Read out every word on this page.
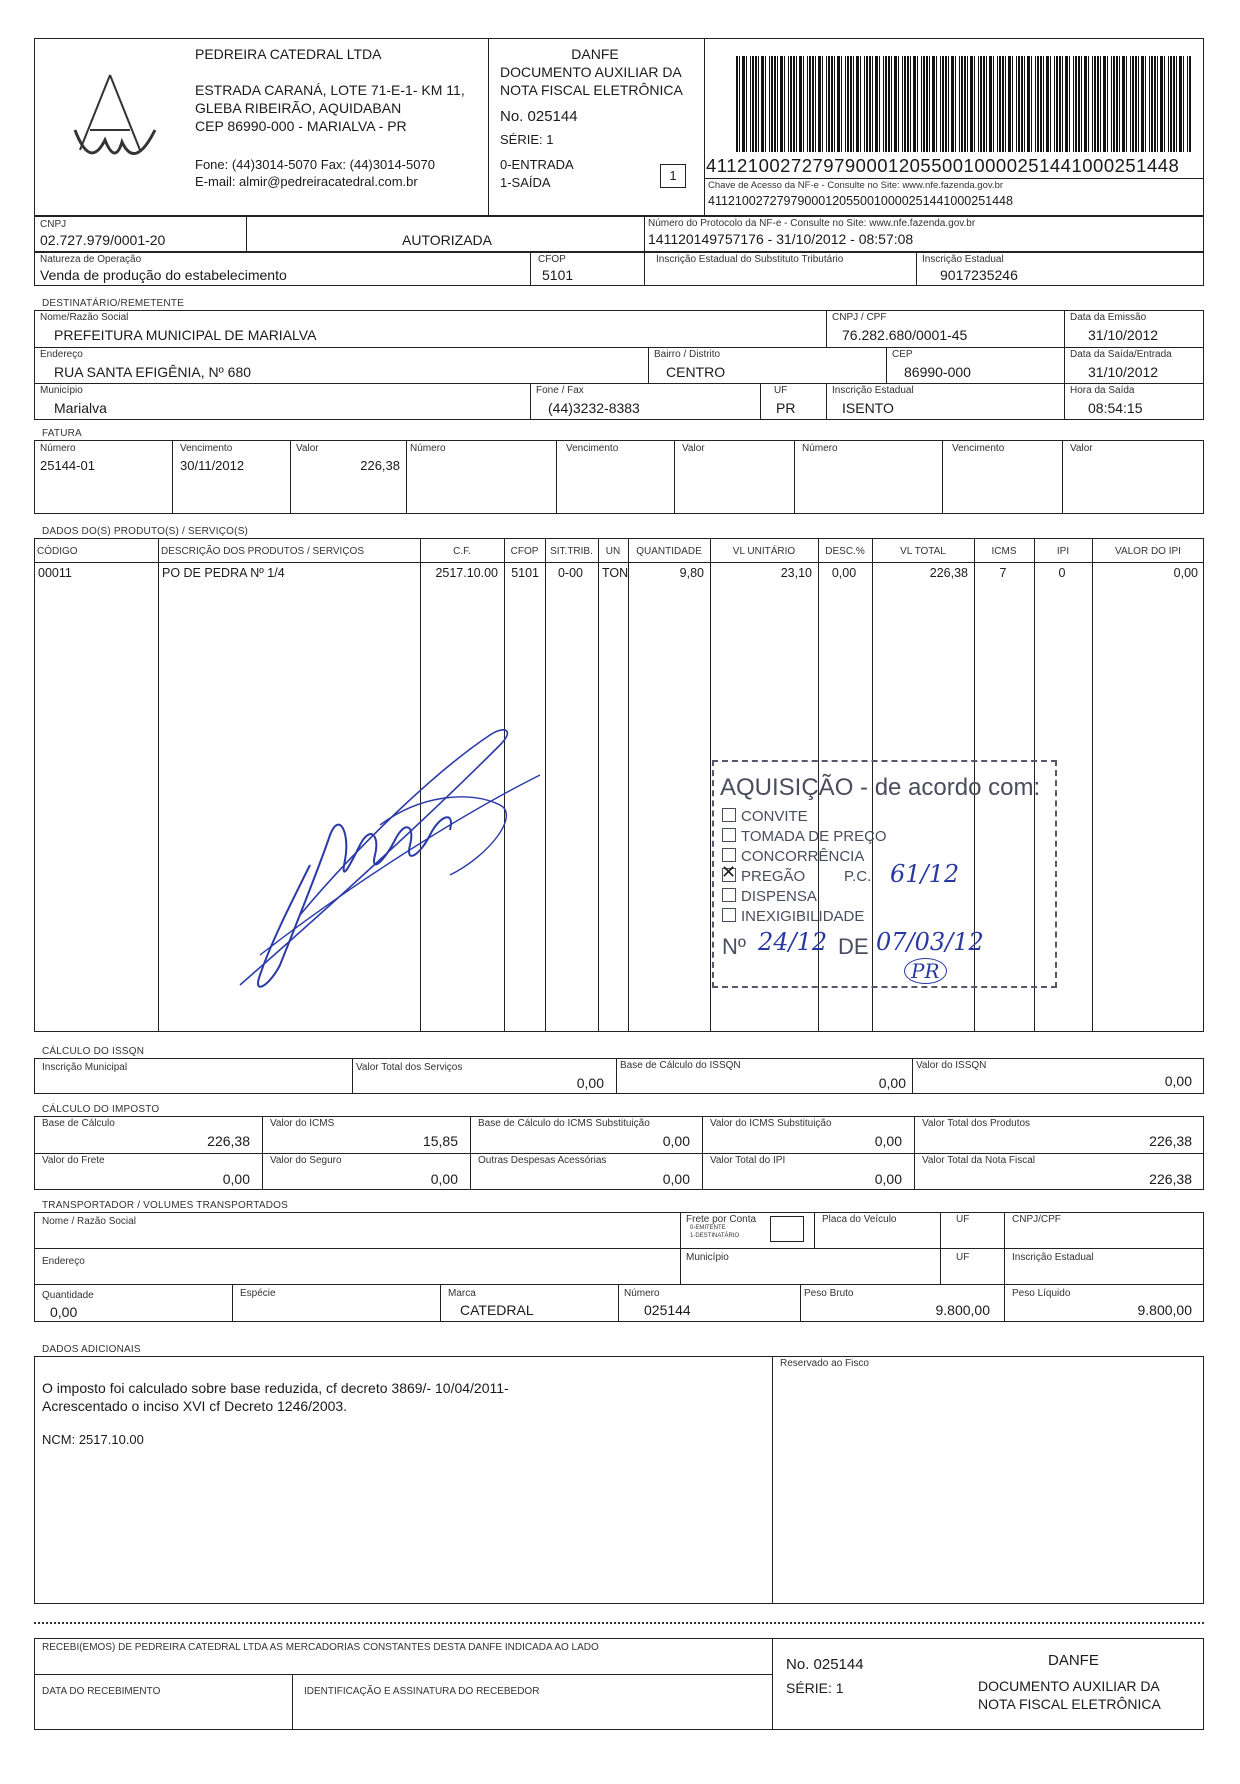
PEDREIRA CATEDRAL LTDA
ESTRADA CARANÁ, LOTE 71-E-1- KM 11,
GLEBA RIBEIRÃO, AQUIDABAN
CEP 86990-000 - MARIALVA - PR
Fone: (44)3014-5070 Fax: (44)3014-5070
E-mail: almir@pedreiracatedral.com.br
DANFE
DOCUMENTO AUXILIAR DA
NOTA FISCAL ELETRÔNICA
No. 025144
SÉRIE: 1
0-ENTRADA
1-SAÍDA	1	41121002727979000120550010000251441000251448
Chave de Acesso da NF-e - Consulte no Site: www.nfe.fazenda.gov.br
41121002727979000120550010000251441000251448
CNPJ
02.727.979/0001-20	AUTORIZADA
Número do Protocolo da NF-e - Consulte no Site: www.nfe.fazenda.gov.br
141120149757176 - 31/10/2012 - 08:57:08
Natureza de Operação
Venda de produção do estabelecimento
CFOP
5101
Inscrição Estadual do Substituto Tributário	Inscrição Estadual
9017235246
DESTINATÁRIO/REMETENTE
Nome/Razão Social
PREFEITURA MUNICIPAL DE MARIALVA
CNPJ / CPF
76.282.680/0001-45
Data da Emissão
31/10/2012
Endereço
RUA SANTA EFIGÊNIA, Nº 680
Bairro / Distrito
CENTRO
CEP
86990-000
Data da Saída/Entrada
31/10/2012
Município
Marialva
Fone / Fax
(44)3232-8383
UF
PR
Inscrição Estadual
ISENTO
Hora da Saída
08:54:15
FATURA
Número	Vencimento	Valor	Número	Vencimento	Valor	Número	Vencimento	Valor
25144-01	30/11/2012	226,38
DADOS DO(S) PRODUTO(S) / SERVIÇO(S)
CÓDIGO	DESCRIÇÃO DOS PRODUTOS / SERVIÇOS	C.F.	CFOP	SIT.TRIB.	UN	QUANTIDADE	VL UNITÁRIO	DESC.%	VL TOTAL	ICMS	IPI	VALOR DO IPI
00011	PO DE PEDRA Nº 1/4	2517.10.00 5101	0-00	TON	9,80	23,10	0,00	226,38	7	0	0,00
AQUISIÇÃO - de acordo com:
CONVITE
TOMADA DE PREÇO
CONCORRÊNCIA
✕ PREGÃO	P.C. 61/12
DISPENSA
INEXIGIBILIDADE
Nº 24/12 DE 07/03/12
PR
CÁLCULO DO ISSQN
Inscrição Municipal	Valor Total dos Serviços
0,00
Base de Cálculo do ISSQN
0,00
Valor do ISSQN
0,00
CÁLCULO DO IMPOSTO
Base de Cálculo
226,38
Valor do ICMS
15,85
Base de Cálculo do ICMS Substituição
0,00
Valor do ICMS Substituição
0,00
Valor Total dos Produtos
226,38
Valor do Frete
0,00
Valor do Seguro
0,00
Outras Despesas Acessórias
0,00
Valor Total do IPI
0,00
Valor Total da Nota Fiscal
226,38
TRANSPORTADOR / VOLUMES TRANSPORTADOS
Nome / Razão Social	Frete por Conta
0-EMITENTE
1-DESTINATÁRIO
Placa do Veículo	UF	CNPJ/CPF
Endereço	Município	UF	Inscrição Estadual
Quantidade
0,00
Espécie	Marca
CATEDRAL
Número
025144
Peso Bruto
9.800,00
Peso Líquido
9.800,00
DADOS ADICIONAIS
O imposto foi calculado sobre base reduzida, cf decreto 3869/- 10/04/2011-
Acrescentado o inciso XVI cf Decreto 1246/2003.
NCM: 2517.10.00
Reservado ao Fisco
RECEBI(EMOS) DE PEDREIRA CATEDRAL LTDA AS MERCADORIAS CONSTANTES DESTA DANFE INDICADA AO LADO
DATA DO RECEBIMENTO	IDENTIFICAÇÃO E ASSINATURA DO RECEBEDOR
No. 025144
SÉRIE: 1
DANFE
DOCUMENTO AUXILIAR DA
NOTA FISCAL ELETRÔNICA
